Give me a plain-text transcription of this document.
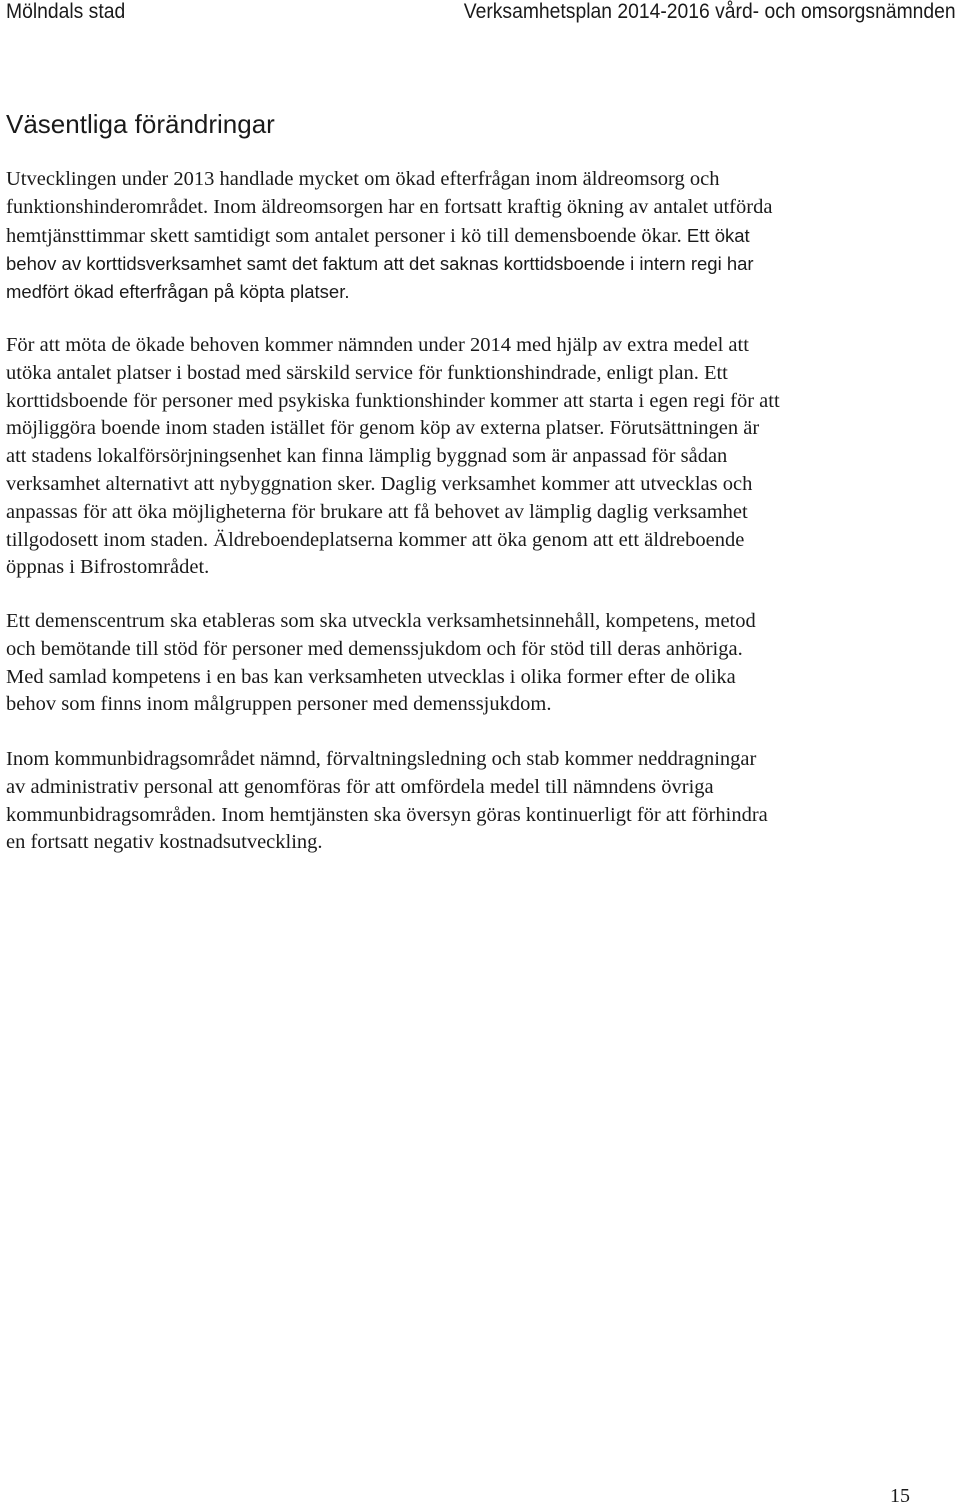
Mölndals stad	Verksamhetsplan 2014-2016 vård- och omsorgsnämnden
Väsentliga förändringar

Utvecklingen under 2013 handlade mycket om ökad efterfrågan inom äldreomsorg och
funktionshinderområdet. Inom äldreomsorgen har en fortsatt kraftig ökning av antalet utförda
hemtjänsttimmar skett samtidigt som antalet personer i kö till demensboende ökar. Ett ökat
behov av korttidsverksamhet samt det faktum att det saknas korttidsboende i intern regi har
medfört ökad efterfrågan på köpta platser.

För att möta de ökade behoven kommer nämnden under 2014 med hjälp av extra medel att
utöka antalet platser i bostad med särskild service för funktionshindrade, enligt plan. Ett
korttidsboende för personer med psykiska funktionshinder kommer att starta i egen regi för att
möjliggöra boende inom staden istället för genom köp av externa platser. Förutsättningen är
att stadens lokalförsörjningsenhet kan finna lämplig byggnad som är anpassad för sådan
verksamhet alternativt att nybyggnation sker. Daglig verksamhet kommer att utvecklas och
anpassas för att öka möjligheterna för brukare att få behovet av lämplig daglig verksamhet
tillgodosett inom staden. Äldreboendeplatserna kommer att öka genom att ett äldreboende
öppnas i Bifrostområdet.

Ett demenscentrum ska etableras som ska utveckla verksamhetsinnehåll, kompetens, metod
och bemötande till stöd för personer med demenssjukdom och för stöd till deras anhöriga.
Med samlad kompetens i en bas kan verksamheten utvecklas i olika former efter de olika
behov som finns inom målgruppen personer med demenssjukdom.

Inom kommunbidragsområdet nämnd, förvaltningsledning och stab kommer neddragningar
av administrativ personal att genomföras för att omfördela medel till nämndens övriga
kommunbidragsområden. Inom hemtjänsten ska översyn göras kontinuerligt för att förhindra
en fortsatt negativ kostnadsutveckling.

15
